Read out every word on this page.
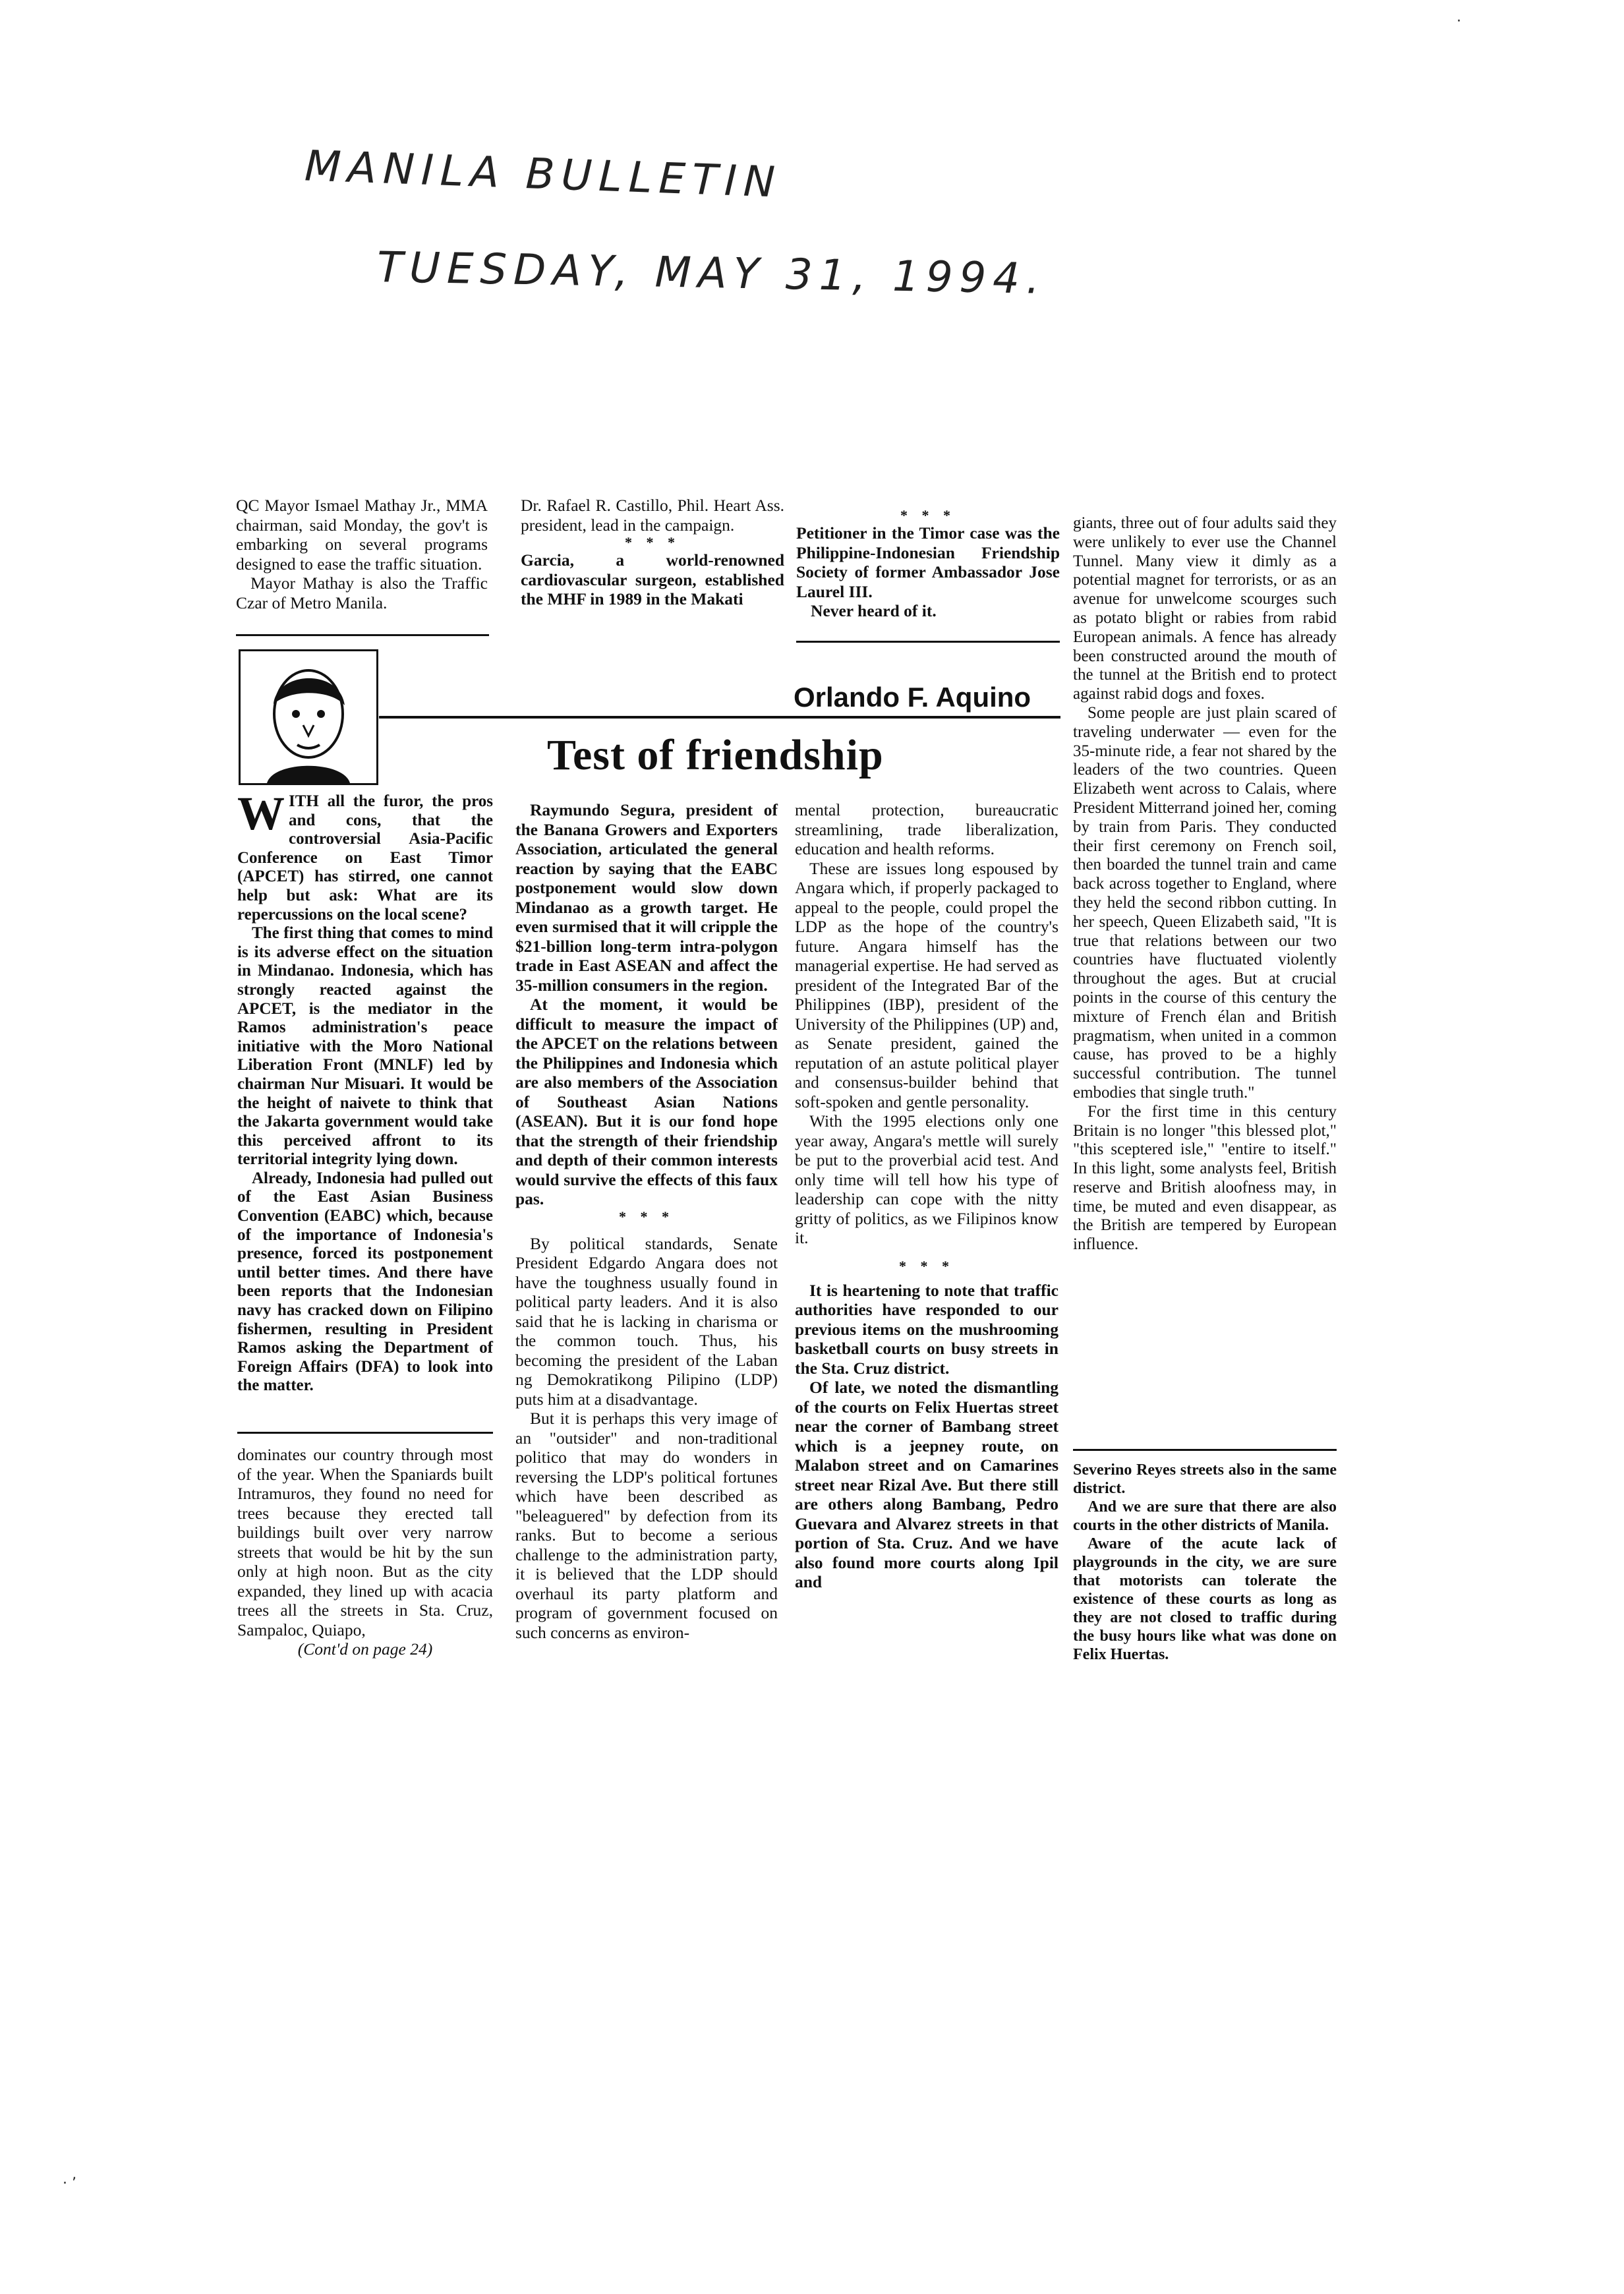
MANILA BULLETIN
TUESDAY, MAY 31, 1994.

QC Mayor Ismael Mathay Jr., MMA chairman, said Monday, the gov't is embarking on several programs designed to ease the traffic situation.

Mayor Mathay is also the Traffic Czar of Metro Manila.

Dr. Rafael R. Castillo, Phil. Heart Ass. president, lead in the campaign.

* * *

Garcia, a world-renowned cardiovascular surgeon, established the MHF in 1989 in the Makati

* * *

Petitioner in the Timor case was the Philippine-Indonesian Friendship Society of former Ambassador Jose Laurel III.

Never heard of it.

giants, three out of four adults said they were unlikely to ever use the Channel Tunnel. Many view it dimly as a potential magnet for terrorists, or as an avenue for unwelcome scourges such as potato blight or rabies from rabid European animals. A fence has already been constructed around the mouth of the tunnel at the British end to protect against rabid dogs and foxes.

Some people are just plain scared of traveling underwater — even for the 35-minute ride, a fear not shared by the leaders of the two countries. Queen Elizabeth went across to Calais, where President Mitterrand joined her, coming by train from Paris. They conducted their first ceremony on French soil, then boarded the tunnel train and came back across together to England, where they held the second ribbon cutting. In her speech, Queen Elizabeth said, "It is true that relations between our two countries have fluctuated violently throughout the ages. But at crucial points in the course of this century the mixture of French élan and British pragmatism, when united in a common cause, has proved to be a highly successful contribution. The tunnel embodies that single truth."

For the first time in this century Britain is no longer "this blessed plot," "this sceptered isle," "entire to itself." In this light, some analysts feel, British reserve and British aloofness may, in time, be muted and even disappear, as the British are tempered by European influence.

Orlando F. Aquino
Test of friendship
W ITH all the furor, the pros and cons, that the controversial Asia-Pacific Conference on East Timor (APCET) has stirred, one cannot help but ask: What are its repercussions on the local scene?

The first thing that comes to mind is its adverse effect on the situation in Mindanao. Indonesia, which has strongly reacted against the APCET, is the mediator in the Ramos administration's peace initiative with the Moro National Liberation Front (MNLF) led by chairman Nur Misuari. It would be the height of naivete to think that the Jakarta government would take this perceived affront to its territorial integrity lying down.

Already, Indonesia had pulled out of the East Asian Business Convention (EABC) which, because of the importance of Indonesia's presence, forced its postponement until better times. And there have been reports that the Indonesian navy has cracked down on Filipino fishermen, resulting in President Ramos asking the Department of Foreign Affairs (DFA) to look into the matter.

dominates our country through most of the year. When the Spaniards built Intramuros, they found no need for trees because they erected tall buildings built over very narrow streets that would be hit by the sun only at high noon. But as the city expanded, they lined up with acacia trees all the streets in Sta. Cruz, Sampaloc, Quiapo,

(Cont'd on page 24)

Raymundo Segura, president of the Banana Growers and Exporters Association, articulated the general reaction by saying that the EABC postponement would slow down Mindanao as a growth target. He even surmised that it will cripple the $21-billion long-term intra-polygon trade in East ASEAN and affect the 35-million consumers in the region.

At the moment, it would be difficult to measure the impact of the APCET on the relations between the Philippines and Indonesia which are also members of the Association of Southeast Asian Nations (ASEAN). But it is our fond hope that the strength of their friendship and depth of their common interests would survive the effects of this faux pas.

* * *

By political standards, Senate President Edgardo Angara does not have the toughness usually found in political party leaders. And it is also said that he is lacking in charisma or the common touch. Thus, his becoming the president of the Laban ng Demokratikong Pilipino (LDP) puts him at a disadvantage.

But it is perhaps this very image of an "outsider" and non-traditional politico that may do wonders in reversing the LDP's political fortunes which have been described as "beleaguered" by defection from its ranks. But to become a serious challenge to the administration party, it is believed that the LDP should overhaul its party platform and program of government focused on such concerns as environ-

mental protection, bureaucratic streamlining, trade liberalization, education and health reforms.

These are issues long espoused by Angara which, if properly packaged to appeal to the people, could propel the LDP as the hope of the country's future. Angara himself has the managerial expertise. He had served as president of the Integrated Bar of the Philippines (IBP), president of the University of the Philippines (UP) and, as Senate president, gained the reputation of an astute political player and consensus-builder behind that soft-spoken and gentle personality.

With the 1995 elections only one year away, Angara's mettle will surely be put to the proverbial acid test. And only time will tell how his type of leadership can cope with the nitty gritty of politics, as we Filipinos know it.

* * *

It is heartening to note that traffic authorities have responded to our previous items on the mushrooming basketball courts on busy streets in the Sta. Cruz district.

Of late, we noted the dismantling of the courts on Felix Huertas street near the corner of Bambang street which is a jeepney route, on Malabon street and on Camarines street near Rizal Ave. But there still are others along Bambang, Pedro Guevara and Alvarez streets in that portion of Sta. Cruz. And we have also found more courts along Ipil and

Severino Reyes streets also in the same district.

And we are sure that there are also courts in the other districts of Manila.

Aware of the acute lack of playgrounds in the city, we are sure that motorists can tolerate the existence of these courts as long as they are not closed to traffic during the busy hours like what was done on Felix Huertas.

·
· ’
